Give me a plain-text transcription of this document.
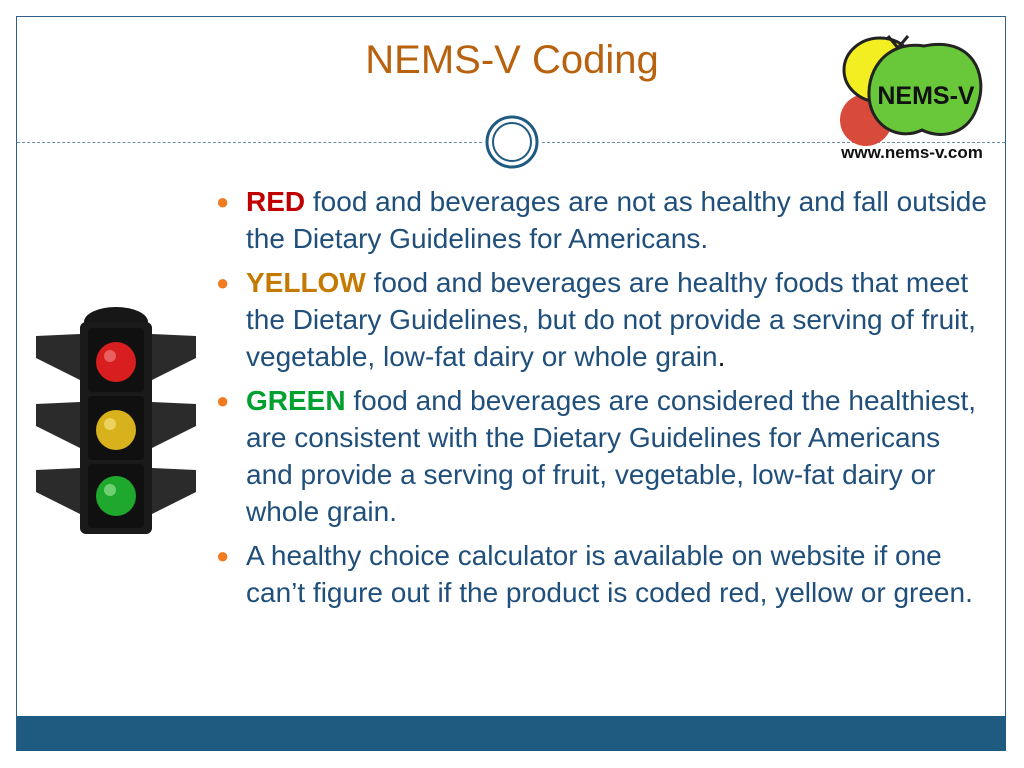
NEMS-V Coding
NEMS-V
www.nems-v.com
● RED food and beverages are not as healthy and fall outside the Dietary Guidelines for Americans.
● YELLOW food and beverages are healthy foods that meet the Dietary Guidelines, but do not provide a serving of fruit, vegetable, low-fat dairy or whole grain.
● GREEN food and beverages are considered the healthiest, are consistent with the Dietary Guidelines for Americans and provide a serving of fruit, vegetable, low-fat dairy or whole grain.
● A healthy choice calculator is available on website if one can’t figure out if the product is coded red, yellow or green.
